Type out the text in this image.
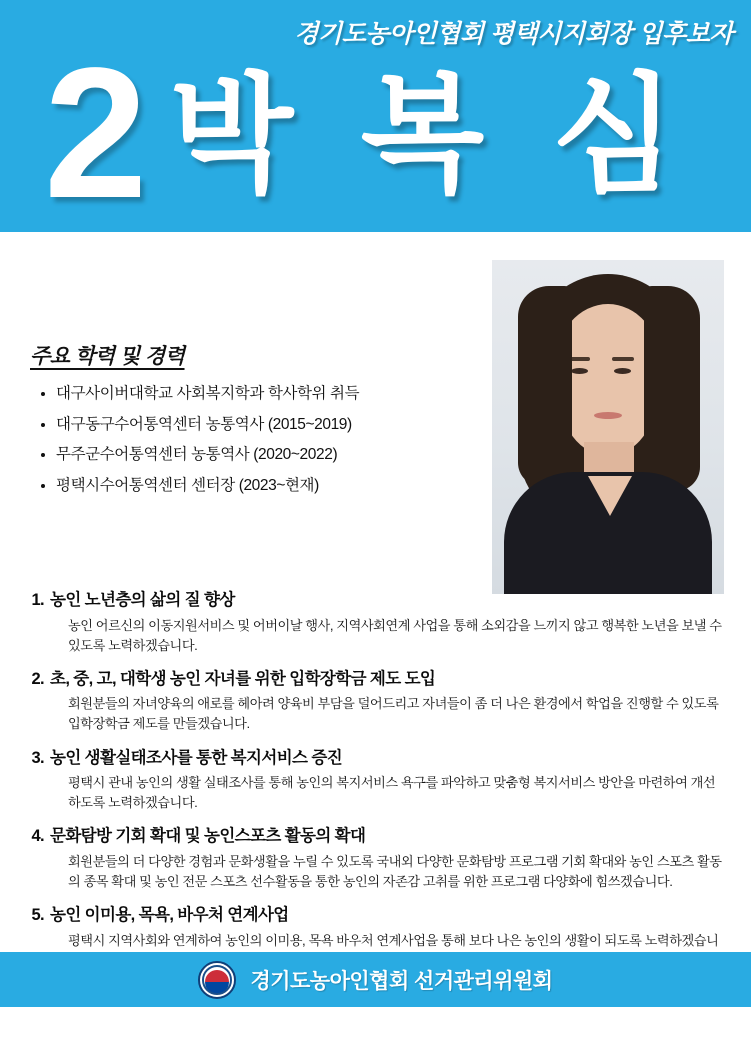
경기도농아인협회 평택시지회장 입후보자
2 박 복 심
주요 학력 및 경력
• 대구사이버대학교 사회복지학과 학사학위 취득
• 대구동구수어통역센터 농통역사 (2015~2019)
• 무주군수어통역센터 농통역사 (2020~2022)
• 평택시수어통역센터 센터장 (2023~현재)
1. 농인 노년층의 삶의 질 향상
농인 어르신의 이동지원서비스 및 어버이날 행사, 지역사회연계 사업을 통해 소외감을 느끼지 않고 행복한 노년을 보낼 수 있도록 노력하겠습니다.
2. 초, 중, 고, 대학생 농인 자녀를 위한 입학장학금 제도 도입
회원분들의 자녀양육의 애로를 헤아려 양육비 부담을 덜어드리고 자녀들이 좀 더 나은 환경에서 학업을 진행할 수 있도록 입학장학금 제도를 만들겠습니다.
3. 농인 생활실태조사를 통한 복지서비스 증진
평택시 관내 농인의 생활 실태조사를 통해 농인의 복지서비스 욕구를 파악하고 맞춤형 복지서비스 방안을 마련하여 개선하도록 노력하겠습니다.
4. 문화탐방 기회 확대 및 농인스포츠 활동의 확대
회원분들의 더 다양한 경험과 문화생활을 누릴 수 있도록 국내외 다양한 문화탐방 프로그램 기회 확대와 농인 스포츠 활동의 종목 확대 및 농인 전문 스포츠 선수활동을 통한 농인의 자존감 고취를 위한 프로그램 다양화에 힘쓰겠습니다.
5. 농인 이미용, 목욕, 바우처 연계사업
평택시 지역사회와 연계하여 농인의 이미용, 목욕 바우처 연계사업을 통해 보다 나은 농인의 생활이 되도록 노력하겠습니
경기도농아인협회 선거관리위원회
